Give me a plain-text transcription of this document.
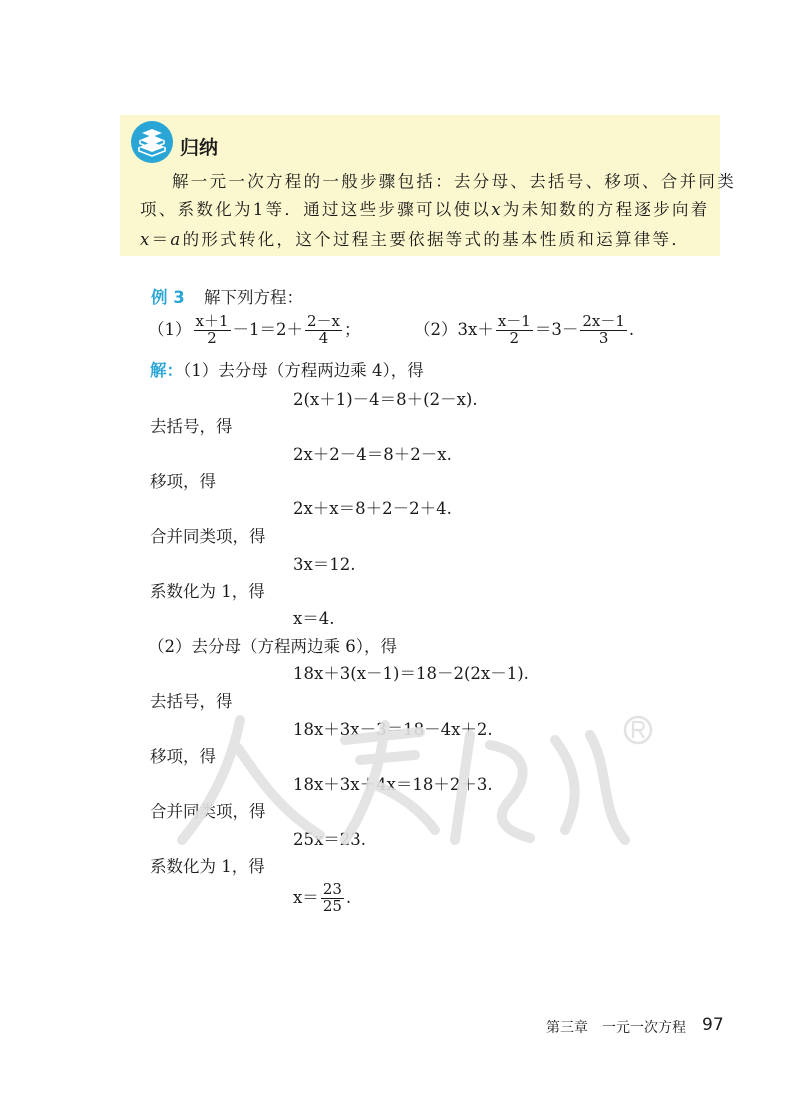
归纳
解一元一次方程的一般步骤包括：去分母、去括号、移项、合并同类
项、系数化为1等．通过这些步骤可以使以x为未知数的方程逐步向着
x＝a的形式转化，这个过程主要依据等式的基本性质和运算律等．
例 3 解下列方程：
$(1) \frac{x+1}{2} -1=2+ \frac{2-x}{4}$ ；	$(2)3x+ \frac{x-1}{2} =3- \frac{2x-1}{3}$ .
解：（1）去分母（方程两边乘 4），得
2(x＋1)－4＝8＋(2－x).
去括号，得
2x＋2－4＝8＋2－x.
移项，得
2x＋x＝8＋2－2＋4.
合并同类项，得
3x＝12.
系数化为 1，得
x＝4.
（2）去分母（方程两边乘 6），得
18x＋3(x－1)＝18－2(2x－1).
去括号，得
18x＋3x－3＝18－4x＋2.
移项，得
18x＋3x＋4x＝18＋2＋3.
合并同类项，得
25x＝23.
系数化为 1，得
$x= \frac{23}{25}$ .
第三章　一元一次方程 97
